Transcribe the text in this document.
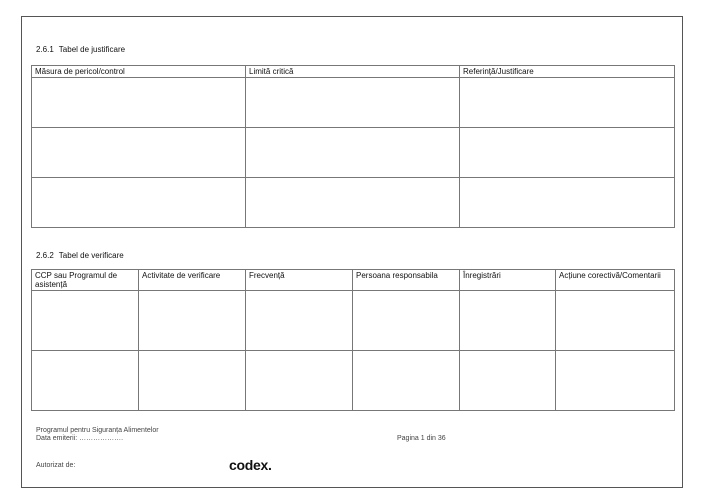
2.6.1 Tabel de justificare
Măsura de pericol/control	Limită critică	Referință/Justificare

2.6.2 Tabel de verificare
CCP sau Programul de asistență	Activitate de verificare	Frecvență	Persoana responsabila	Înregistrări	Acțiune corectivă/Comentarii

Programul pentru Siguranța Alimentelor
Data emiterii: ……………….	Pagina 1 din 36
Autorizat de:	codex.
